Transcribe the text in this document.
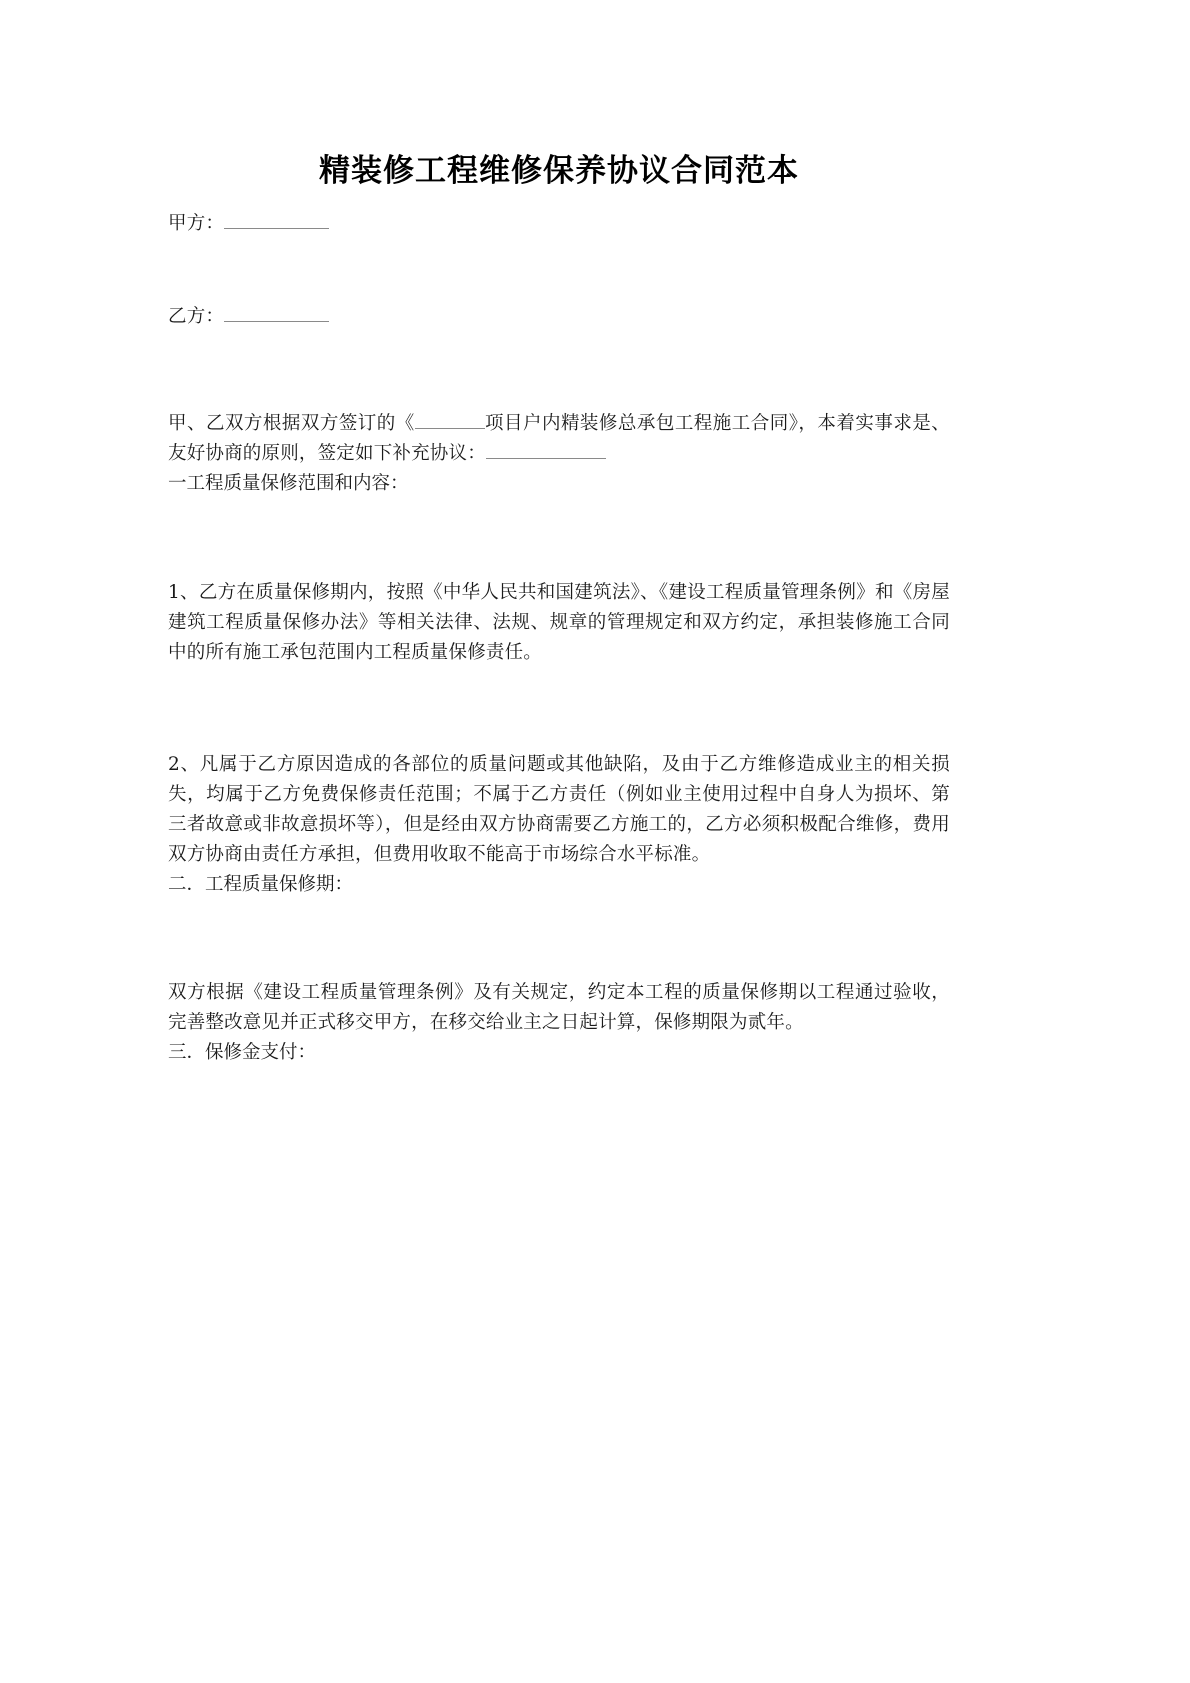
精装修工程维修保养协议合同范本

甲方：

乙方：

甲、乙双方根据双方签订的《	项目户内精装修总承包工程施工合同》，本着实事求是、友好协商的原则，签定如下补充协议：

一工程质量保修范围和内容：

1、乙方在质量保修期内，按照《中华人民共和国建筑法》、《建设工程质量管理条例》和《房屋建筑工程质量保修办法》等相关法律、法规、规章的管理规定和双方约定，承担装修施工合同中的所有施工承包范围内工程质量保修责任。

2、凡属于乙方原因造成的各部位的质量问题或其他缺陷，及由于乙方维修造成业主的相关损失，均属于乙方免费保修责任范围；不属于乙方责任（例如业主使用过程中自身人为损坏、第三者故意或非故意损坏等），但是经由双方协商需要乙方施工的，乙方必须积极配合维修，费用双方协商由责任方承担，但费用收取不能高于市场综合水平标准。

二．工程质量保修期：

双方根据《建设工程质量管理条例》及有关规定，约定本工程的质量保修期以工程通过验收，完善整改意见并正式移交甲方，在移交给业主之日起计算，保修期限为贰年。

三．保修金支付：
